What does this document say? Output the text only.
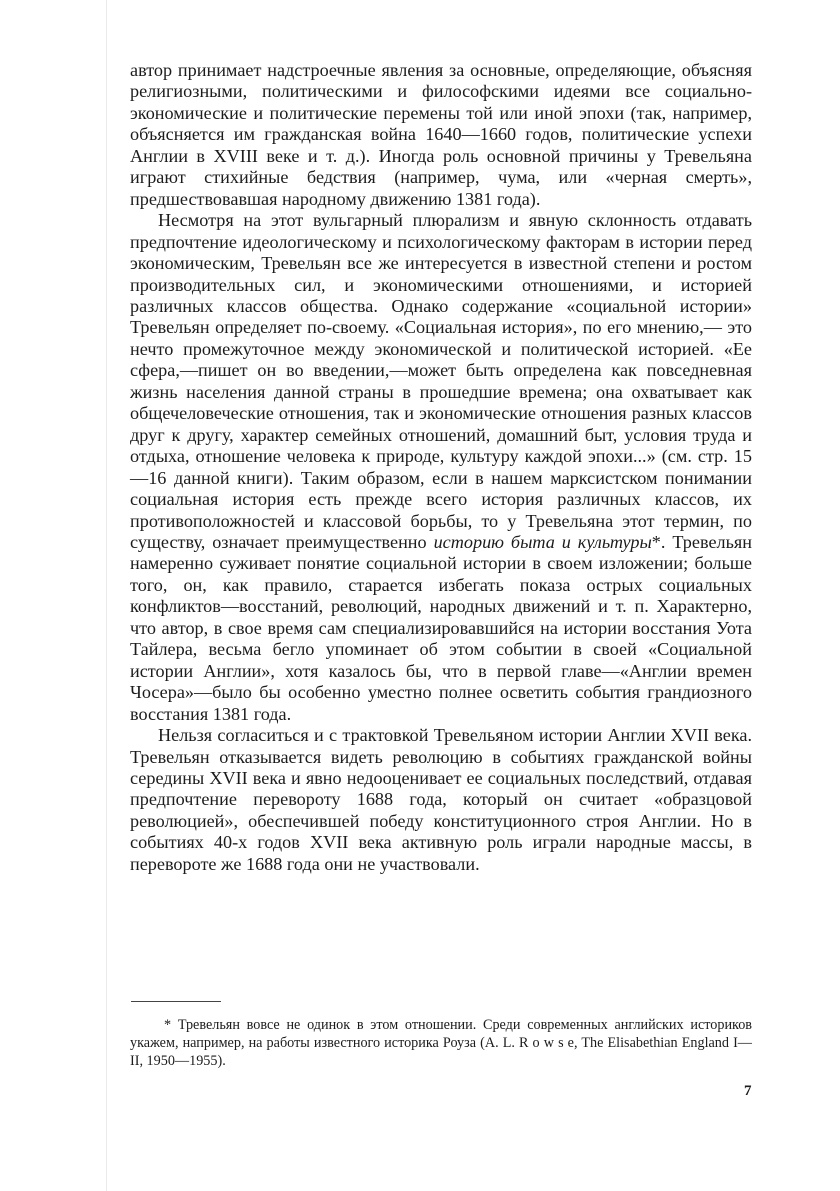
автор принимает надстроечные явления за основные, определяющие, объясняя религиозными, политическими и философскими идеями все социально-экономические и политические перемены той или иной эпохи (так, например, объясняется им гражданская война 1640—1660 годов, политические успехи Англии в XVIII веке и т. д.). Иногда роль основной причины у Тревельяна играют стихийные бедствия (например, чума, или «черная смерть», предшествовавшая народному движению 1381 года).

Несмотря на этот вульгарный плюрализм и явную склонность отдавать предпочтение идеологическому и психологическому факторам в истории перед экономическим, Тревельян все же интересуется в известной степени и ростом производительных сил, и экономическими отношениями, и историей различных классов общества. Однако содержание «социальной истории» Тревельян определяет по-своему. «Социальная история», по его мнению,— это нечто промежуточное между экономической и политической историей. «Ее сфера,—пишет он во введении,—может быть определена как повседневная жизнь населения данной страны в прошедшие времена; она охватывает как общечеловеческие отношения, так и экономические отношения разных классов друг к другу, характер семейных отношений, домашний быт, условия труда и отдыха, отношение человека к природе, культуру каждой эпохи...» (см. стр. 15—16 данной книги). Таким образом, если в нашем марксистском понимании социальная история есть прежде всего история различных классов, их противоположностей и классовой борьбы, то у Тревельяна этот термин, по существу, означает преимущественно историю быта и культуры*. Тревельян намеренно суживает понятие социальной истории в своем изложении; больше того, он, как правило, старается избегать показа острых социальных конфликтов—восстаний, революций, народных движений и т. п. Характерно, что автор, в свое время сам специализировавшийся на истории восстания Уота Тайлера, весьма бегло упоминает об этом событии в своей «Социальной истории Англии», хотя казалось бы, что в первой главе—«Англии времен Чосера»—было бы особенно уместно полнее осветить события грандиозного восстания 1381 года.

Нельзя согласиться и с трактовкой Тревельяном истории Англии XVII века. Тревельян отказывается видеть революцию в событиях гражданской войны середины XVII века и явно недооценивает ее социальных последствий, отдавая предпочтение перевороту 1688 года, который он считает «образцовой революцией», обеспечившей победу конституционного строя Англии. Но в событиях 40-х годов XVII века активную роль играли народные массы, в перевороте же 1688 года они не участвовали.

* Тревельян вовсе не одинок в этом отношении. Среди современных английских историков укажем, например, на работы известного историка Роуза (A. L. R o w s e, The Elisabethian England I—II, 1950—1955).
7
